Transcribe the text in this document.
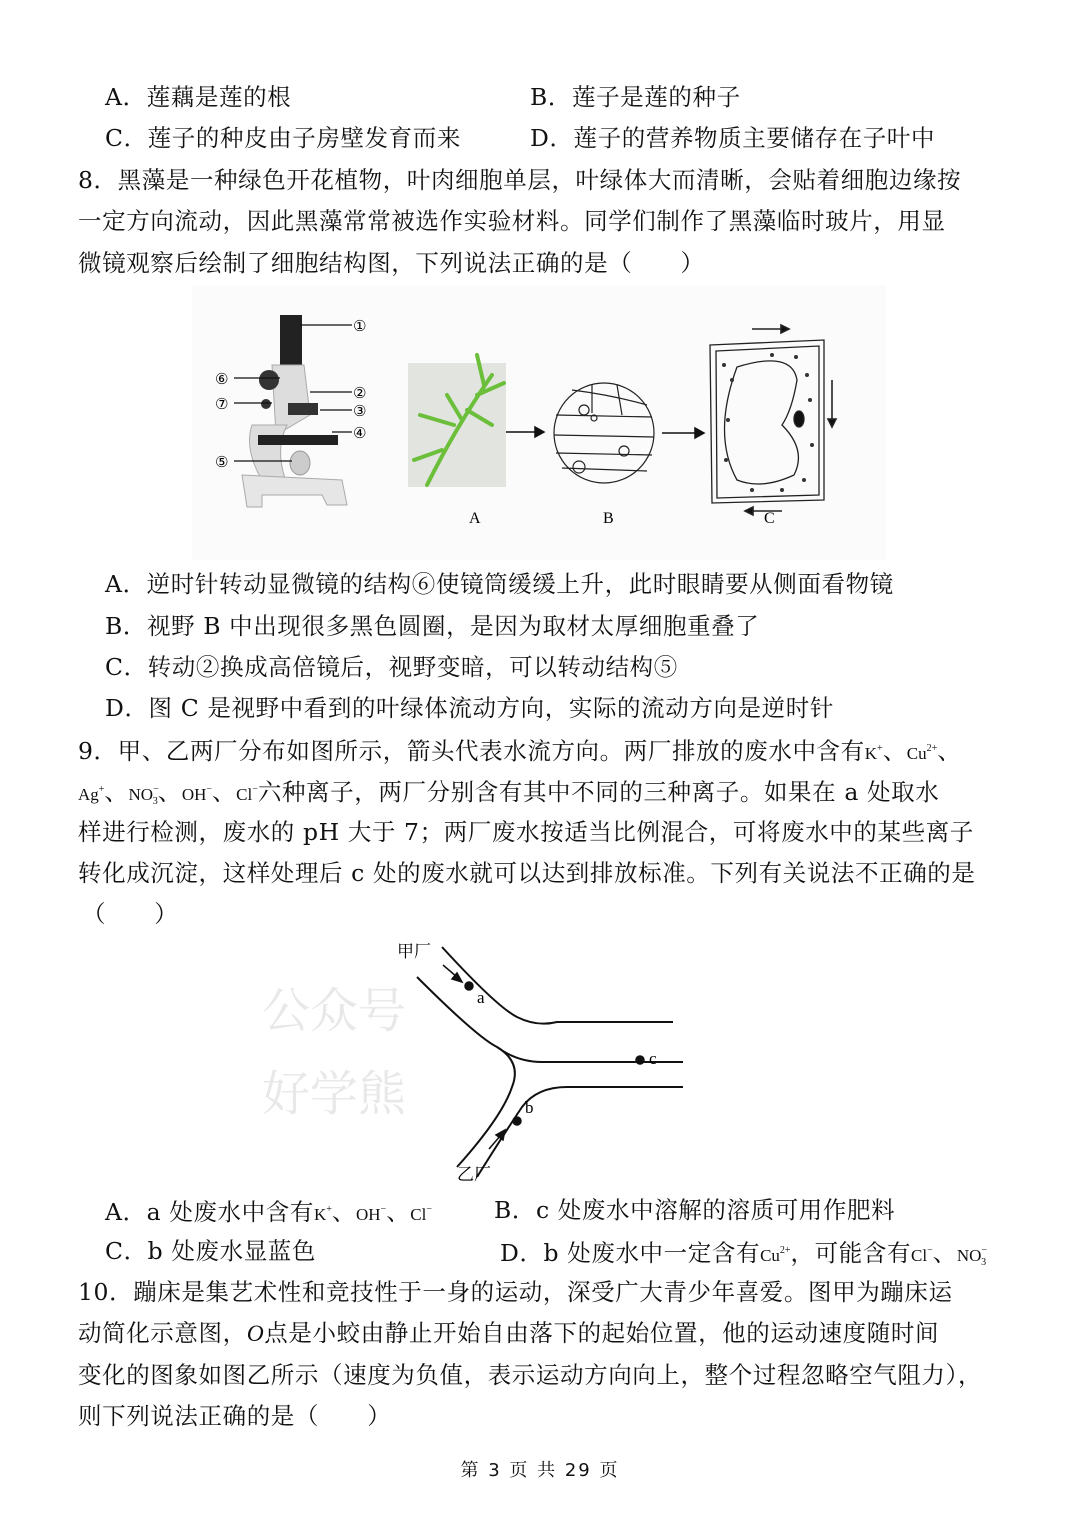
A．莲藕是莲的根	B．莲子是莲的种子
C．莲子的种皮由子房壁发育而来	D．莲子的营养物质主要储存在子叶中
8．黑藻是一种绿色开花植物，叶肉细胞单层，叶绿体大而清晰，会贴着细胞边缘按
一定方向流动，因此黑藻常常被选作实验材料。同学们制作了黑藻临时玻片，用显
微镜观察后绘制了细胞结构图，下列说法正确的是（　　）
①
②
③
④
⑤
⑥
⑦
A	B	C
A．逆时针转动显微镜的结构⑥使镜筒缓缓上升，此时眼睛要从侧面看物镜
B．视野 B 中出现很多黑色圆圈，是因为取材太厚细胞重叠了
C．转动②换成高倍镜后，视野变暗，可以转动结构⑤
D．图 C 是视野中看到的叶绿体流动方向，实际的流动方向是逆时针
9．甲、乙两厂分布如图所示，箭头代表水流方向。两厂排放的废水中含有K+、$Cu^{2+}$、
Ag+、$NO^-_3$、OH−、Cl−六种离子，两厂分别含有其中不同的三种离子。如果在 a 处取水
样进行检测，废水的 pH 大于 7；两厂废水按适当比例混合，可将废水中的某些离子
转化成沉淀，这样处理后 c 处的废水就可以达到排放标准。下列有关说法不正确的是
（　　）
公众号
好学熊
甲厂
乙厂
a
b
c
A．a 处废水中含有K+、OH−、Cl−	B．c 处废水中溶解的溶质可用作肥料
C．b 处废水显蓝色	D．b 处废水中一定含有$Cu^{2+}$，可能含有Cl−、$NO^-_3$
10．蹦床是集艺术性和竞技性于一身的运动，深受广大青少年喜爱。图甲为蹦床运
动简化示意图，O点是小蛟由静止开始自由落下的起始位置，他的运动速度随时间
变化的图象如图乙所示（速度为负值，表示运动方向向上，整个过程忽略空气阻力），
则下列说法正确的是（　　）
第 3 页 共 29 页
